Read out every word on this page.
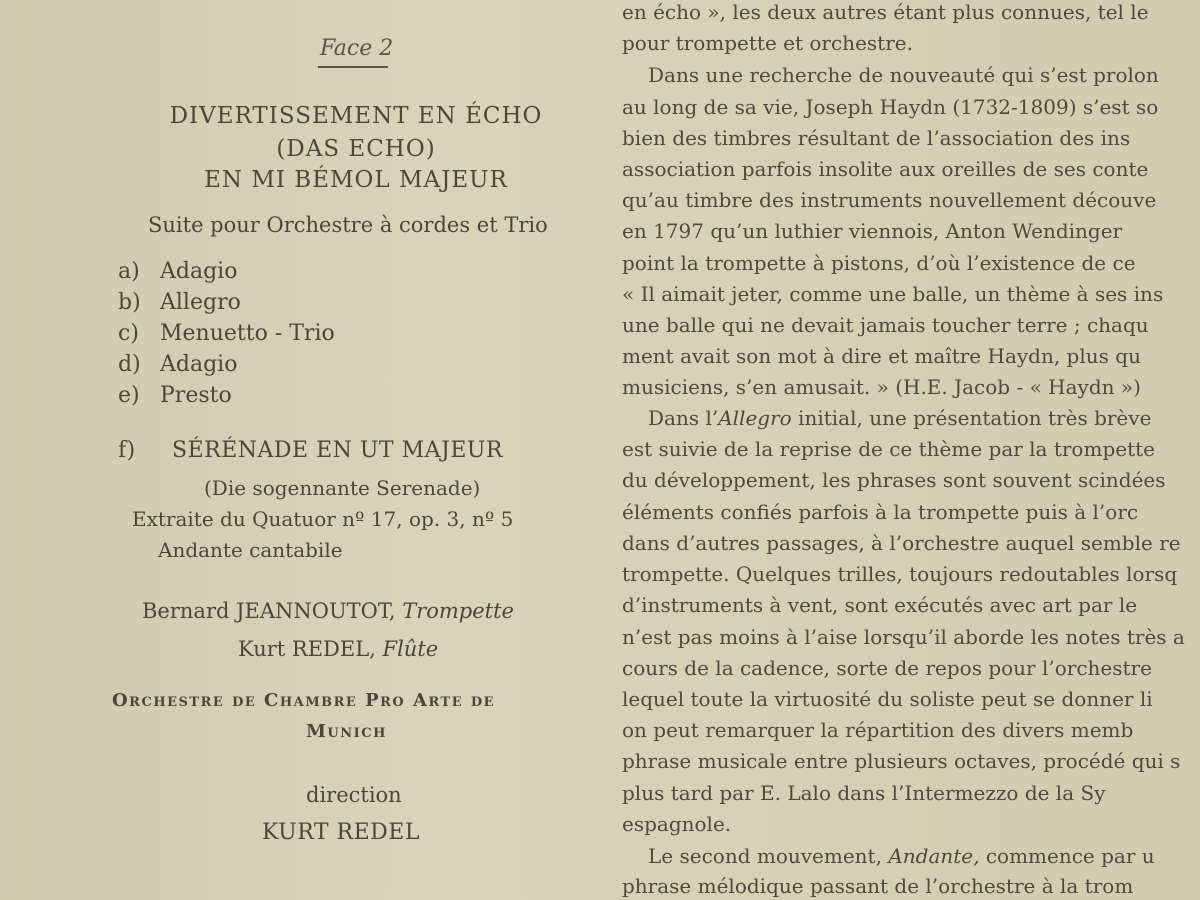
Face 2
DIVERTISSEMENT EN ÉCHO
(DAS ECHO)
EN MI BÉMOL MAJEUR
Suite pour Orchestre à cordes et Trio
a) Adagio
b) Allegro
c) Menuetto - Trio
d) Adagio
e) Presto
f) SÉRÉNADE EN UT MAJEUR
(Die sogennante Serenade)
Extraite du Quatuor nº 17, op. 3, nº 5
Andante cantabile
Bernard JEANNOUTOT, Trompette
Kurt REDEL, Flûte
Orchestre de Chambre Pro Arte de
Munich
direction
KURT REDEL
en écho », les deux autres étant plus connues, tel le
pour trompette et orchestre.
Dans une recherche de nouveauté qui s’est prolon
au long de sa vie, Joseph Haydn (1732-1809) s’est so
bien des timbres résultant de l’association des ins
association parfois insolite aux oreilles de ses conte
qu’au timbre des instruments nouvellement découve
en 1797 qu’un luthier viennois, Anton Wendinger
point la trompette à pistons, d’où l’existence de ce
« Il aimait jeter, comme une balle, un thème à ses ins
une balle qui ne devait jamais toucher terre ; chaqu
ment avait son mot à dire et maître Haydn, plus qu
musiciens, s’en amusait. » (H.E. Jacob - « Haydn »)
Dans l’Allegro initial, une présentation très brève
est suivie de la reprise de ce thème par la trompette
du développement, les phrases sont souvent scindées
éléments confiés parfois à la trompette puis à l’orc
dans d’autres passages, à l’orchestre auquel semble re
trompette. Quelques trilles, toujours redoutables lorsq
d’instruments à vent, sont exécutés avec art par le
n’est pas moins à l’aise lorsqu’il aborde les notes très a
cours de la cadence, sorte de repos pour l’orchestre
lequel toute la virtuosité du soliste peut se donner li
on peut remarquer la répartition des divers memb
phrase musicale entre plusieurs octaves, procédé qui s
plus tard par E. Lalo dans l’Intermezzo de la Sy
espagnole.
Le second mouvement, Andante, commence par u
phrase mélodique passant de l’orchestre à la trom
